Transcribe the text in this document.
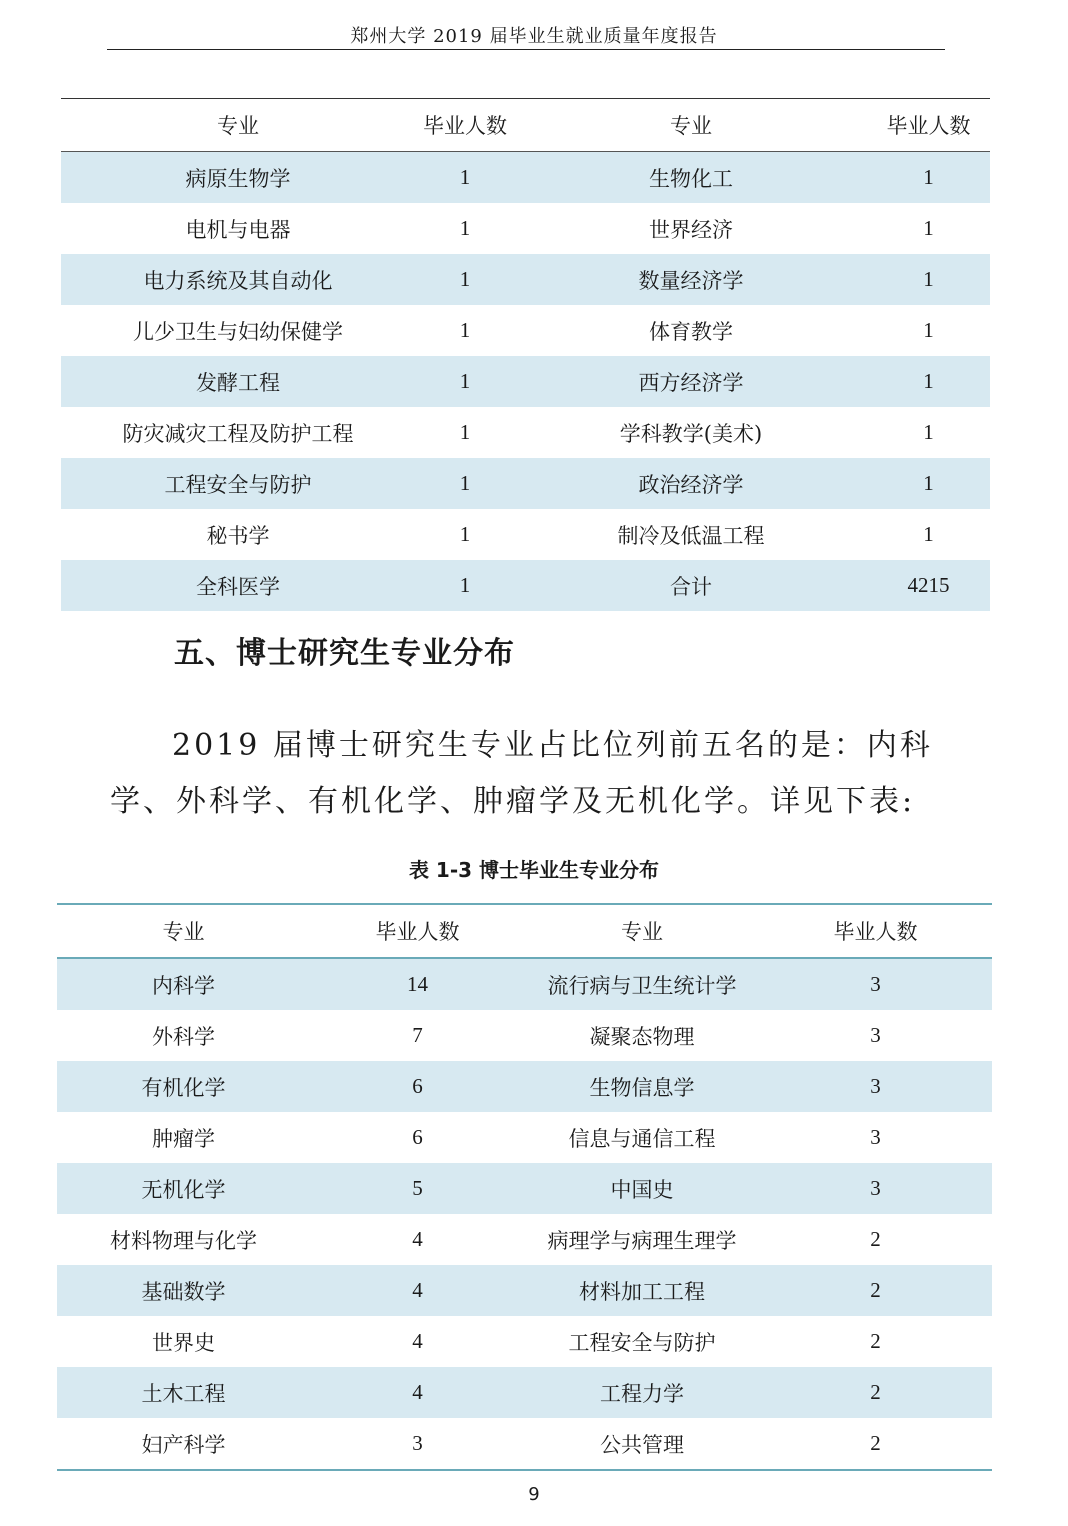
郑州大学 2019 届毕业生就业质量年度报告
专业	毕业人数	专业	毕业人数
病原生物学	1	生物化工	1
电机与电器	1	世界经济	1
电力系统及其自动化	1	数量经济学	1
儿少卫生与妇幼保健学	1	体育教学	1
发酵工程	1	西方经济学	1
防灾减灾工程及防护工程	1	学科教学(美术)	1
工程安全与防护	1	政治经济学	1
秘书学	1	制冷及低温工程	1
全科医学	1	合计	4215
五、博士研究生专业分布
2019 届博士研究生专业占比位列前五名的是：内科学、外科学、有机化学、肿瘤学及无机化学。详见下表:
表 1-3 博士毕业生专业分布
专业	毕业人数	专业	毕业人数
内科学	14	流行病与卫生统计学	3
外科学	7	凝聚态物理	3
有机化学	6	生物信息学	3
肿瘤学	6	信息与通信工程	3
无机化学	5	中国史	3
材料物理与化学	4	病理学与病理生理学	2
基础数学	4	材料加工工程	2
世界史	4	工程安全与防护	2
土木工程	4	工程力学	2
妇产科学	3	公共管理	2
9
